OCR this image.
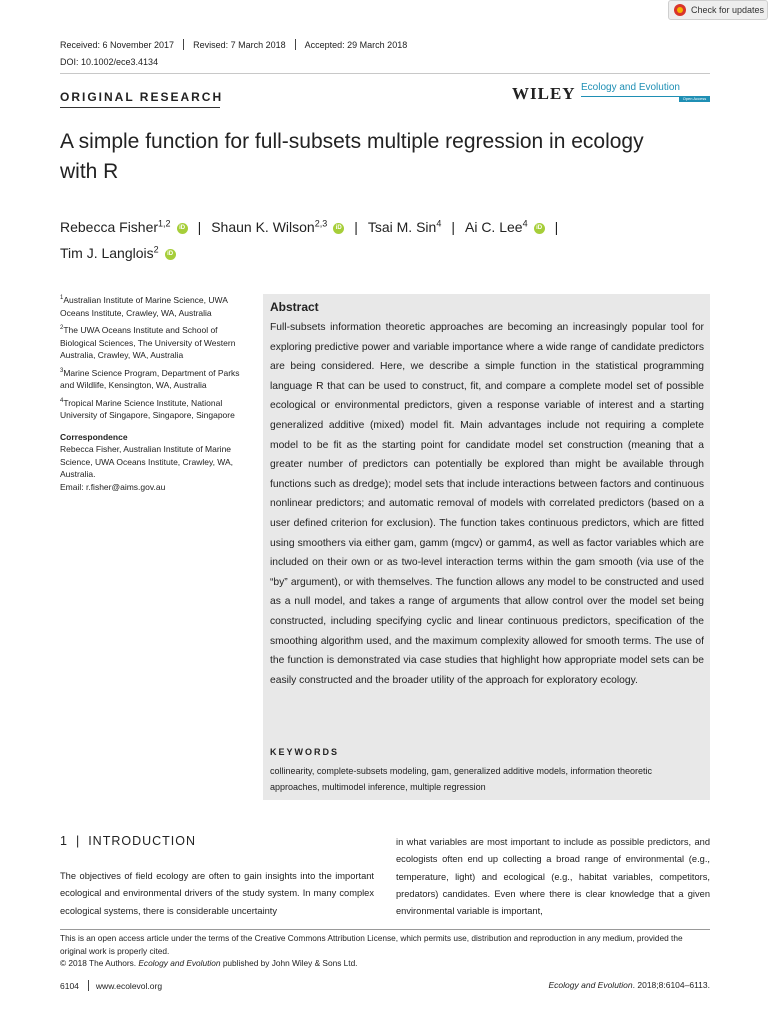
Check for updates
Received: 6 November 2017 Revised: 7 March 2018 Accepted: 29 March 2018
DOI: 10.1002/ece3.4134
ORIGINAL RESEARCH	WILEY Ecology and Evolution
Open Access
A simple function for full-subsets multiple regression in ecology with R
Rebecca Fisher$^{1,2}$ iD | Shaun K. Wilson$^{2,3}$ iD | Tsai M. Sin$^4$ | Ai C. Lee$^4$ iD |
Tim J. Langlois$^2$ iD

$^1$Australian Institute of Marine Science, UWA Oceans Institute, Crawley, WA, Australia

$^2$The UWA Oceans Institute and School of Biological Sciences, The University of Western Australia, Crawley, WA, Australia

$^3$Marine Science Program, Department of Parks and Wildlife, Kensington, WA, Australia

$^4$Tropical Marine Science Institute, National University of Singapore, Singapore, Singapore

Correspondence
Rebecca Fisher, Australian Institute of Marine Science, UWA Oceans Institute, Crawley, WA, Australia.
Email: r.fisher@aims.gov.au
Abstract
Full-subsets information theoretic approaches are becoming an increasingly popular tool for exploring predictive power and variable importance where a wide range of candidate predictors are being considered. Here, we describe a simple function in the statistical programming language R that can be used to construct, fit, and compare a complete model set of possible ecological or environmental predictors, given a response variable of interest and a starting generalized additive (mixed) model fit. Main advantages include not requiring a complete model to be fit as the starting point for candidate model set construction (meaning that a greater number of predictors can potentially be explored than might be available through functions such as dredge); model sets that include interactions between factors and continuous nonlinear predictors; and automatic removal of models with correlated predictors (based on a user defined criterion for exclusion). The function takes continuous predictors, which are fitted using smoothers via either gam, gamm (mgcv) or gamm4, as well as factor variables which are included on their own or as two-level interaction terms within the gam smooth (via use of the “by” argument), or with themselves. The function allows any model to be constructed and used as a null model, and takes a range of arguments that allow control over the model set being constructed, including specifying cyclic and linear continuous predictors, specification of the smoothing algorithm used, and the maximum complexity allowed for smooth terms. The use of the function is demonstrated via case studies that highlight how appropriate model sets can be easily constructed and the broader utility of the approach for exploratory ecology.
KEYWORDS
collinearity, complete-subsets modeling, gam, generalized additive models, information theoretic approaches, multimodel inference, multiple regression
1 | INTRODUCTION
The objectives of field ecology are often to gain insights into the important ecological and environmental drivers of the study system. In many complex ecological systems, there is considerable uncertainty
in what variables are most important to include as possible predictors, and ecologists often end up collecting a broad range of environmental (e.g., temperature, light) and ecological (e.g., habitat variables, competitors, predators) candidates. Even where there is clear knowledge that a given environmental variable is important,
This is an open access article under the terms of the Creative Commons Attribution License, which permits use, distribution and reproduction in any medium, provided the original work is properly cited.
© 2018 The Authors. Ecology and Evolution published by John Wiley & Sons Ltd.
6104 www.ecolevol.org	Ecology and Evolution. 2018;8:6104–6113.
